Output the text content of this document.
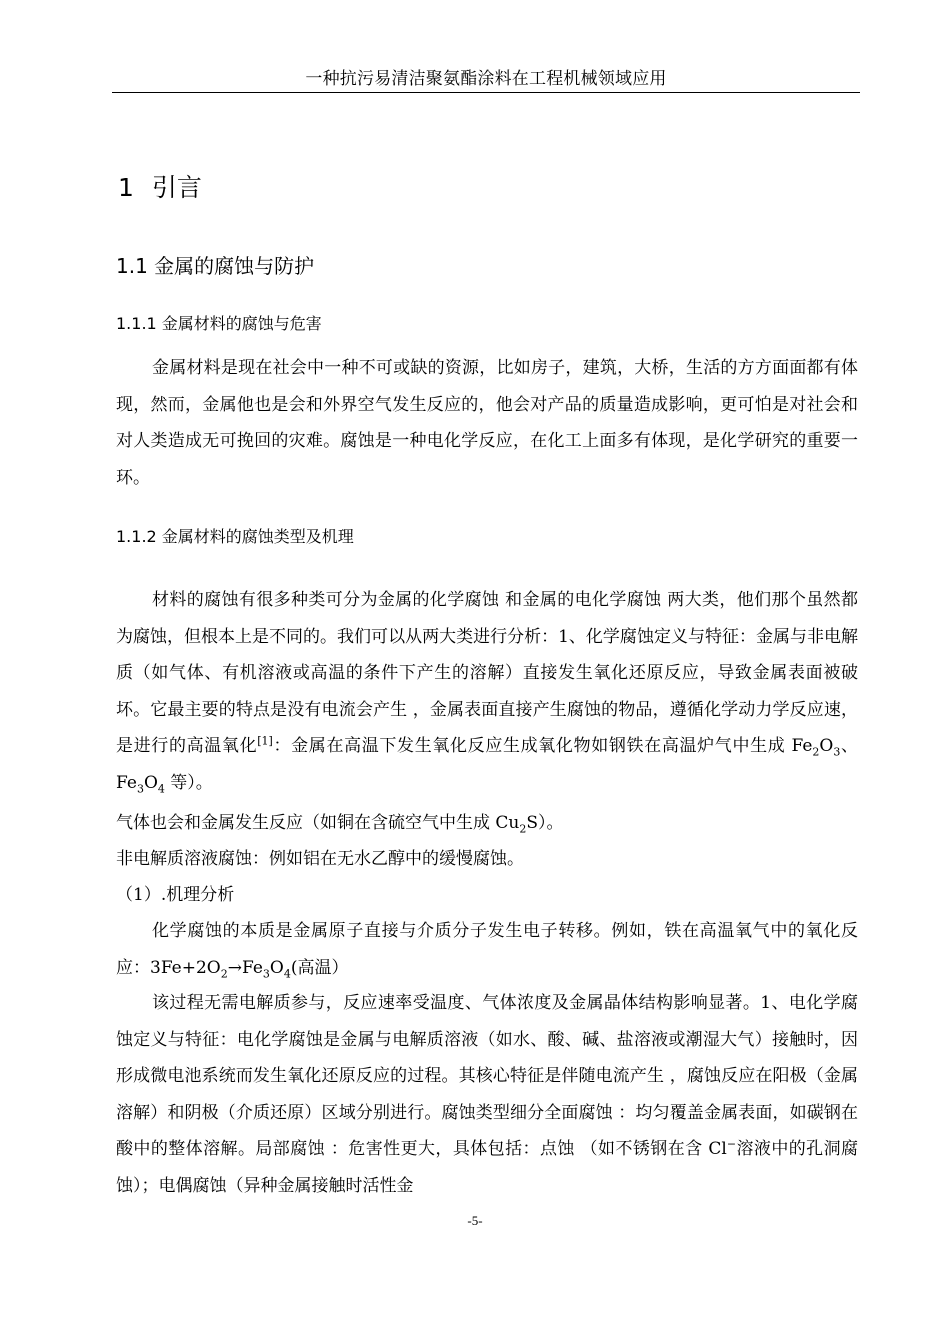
一种抗污易清洁聚氨酯涂料在工程机械领域应用
1 引言
1.1 金属的腐蚀与防护
1.1.1 金属材料的腐蚀与危害

金属材料是现在社会中一种不可或缺的资源，比如房子，建筑，大桥，生活的方方面面都有体现，然而，金属他也是会和外界空气发生反应的，他会对产品的质量造成影响，更可怕是对社会和对人类造成无可挽回的灾难。腐蚀是一种电化学反应，在化工上面多有体现，是化学研究的重要一环。

1.1.2 金属材料的腐蚀类型及机理

材料的腐蚀有很多种类可分为金属的化学腐蚀 和金属的电化学腐蚀 两大类，他们那个虽然都为腐蚀，但根本上是不同的。我们可以从两大类进行分析：1、化学腐蚀定义与特征：金属与非电解质（如气体、有机溶液或高温的条件下产生的溶解）直接发生氧化还原反应，导致金属表面被破坏。它最主要的特点是没有电流会产生 ，金属表面直接产生腐蚀的物品，遵循化学动力学反应速，是进行的高温氧化[1]：金属在高温下发生氧化反应生成氧化物如钢铁在高温炉气中生成 $Fe_2O_3$、$Fe_3O_4$ 等）。

气体也会和金属发生反应（如铜在含硫空气中生成 $Cu_2S$）。

非电解质溶液腐蚀：例如铝在无水乙醇中的缓慢腐蚀。

（1）.机理分析

化学腐蚀的本质是金属原子直接与介质分子发生电子转移。例如，铁在高温氧气中的氧化反应：$3Fe+2O_2\to Fe_3O_4$(高温）

该过程无需电解质参与，反应速率受温度、气体浓度及金属晶体结构影响显著。1、电化学腐蚀定义与特征：电化学腐蚀是金属与电解质溶液（如水、酸、碱、盐溶液或潮湿大气）接触时，因形成微电池系统而发生氧化还原反应的过程。其核心特征是伴随电流产生 ，腐蚀反应在阳极（金属溶解）和阴极（介质还原）区域分别进行。腐蚀类型细分全面腐蚀 ：均匀覆盖金属表面，如碳钢在酸中的整体溶解。局部腐蚀 ：危害性更大，具体包括：点蚀 （如不锈钢在含 Cl−溶液中的孔洞腐蚀）；电偶腐蚀（异种金属接触时活性金

-5-
